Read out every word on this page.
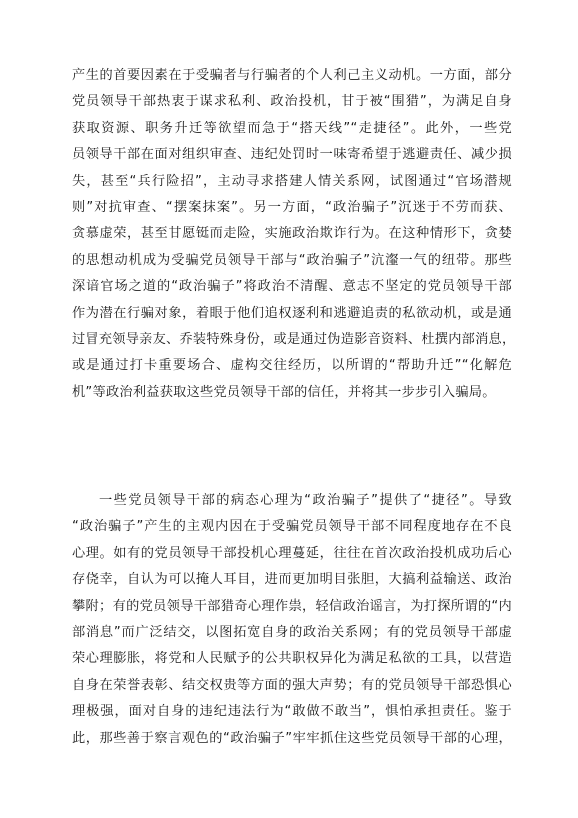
产生的首要因素在于受骗者与行骗者的个人利己主义动机。一方面，部分
党员领导干部热衷于谋求私利、政治投机，甘于被“围猎”，为满足自身
获取资源、职务升迁等欲望而急于“搭天线”“走捷径”。此外，一些党
员领导干部在面对组织审查、违纪处罚时一味寄希望于逃避责任、减少损
失，甚至“兵行险招”，主动寻求搭建人情关系网，试图通过“官场潜规
则”对抗审查、“摆案抹案”。另一方面，“政治骗子”沉迷于不劳而获、
贪慕虚荣，甚至甘愿铤而走险，实施政治欺诈行为。在这种情形下，贪婪
的思想动机成为受骗党员领导干部与“政治骗子”沆瀣一气的纽带。那些
深谙官场之道的“政治骗子”将政治不清醒、意志不坚定的党员领导干部
作为潜在行骗对象，着眼于他们追权逐利和逃避追责的私欲动机，或是通
过冒充领导亲友、乔装特殊身份，或是通过伪造影音资料、杜撰内部消息，
或是通过打卡重要场合、虚构交往经历，以所谓的“帮助升迁”“化解危
机”等政治利益获取这些党员领导干部的信任，并将其一步步引入骗局。
一些党员领导干部的病态心理为“政治骗子”提供了“捷径”。导致
“政治骗子”产生的主观内因在于受骗党员领导干部不同程度地存在不良
心理。如有的党员领导干部投机心理蔓延，往往在首次政治投机成功后心
存侥幸，自认为可以掩人耳目，进而更加明目张胆，大搞利益输送、政治
攀附；有的党员领导干部猎奇心理作祟，轻信政治谣言，为打探所谓的“内
部消息”而广泛结交，以图拓宽自身的政治关系网；有的党员领导干部虚
荣心理膨胀，将党和人民赋予的公共职权异化为满足私欲的工具，以营造
自身在荣誉表彰、结交权贵等方面的强大声势；有的党员领导干部恐惧心
理极强，面对自身的违纪违法行为“敢做不敢当”，惧怕承担责任。鉴于
此，那些善于察言观色的“政治骗子”牢牢抓住这些党员领导干部的心理，
